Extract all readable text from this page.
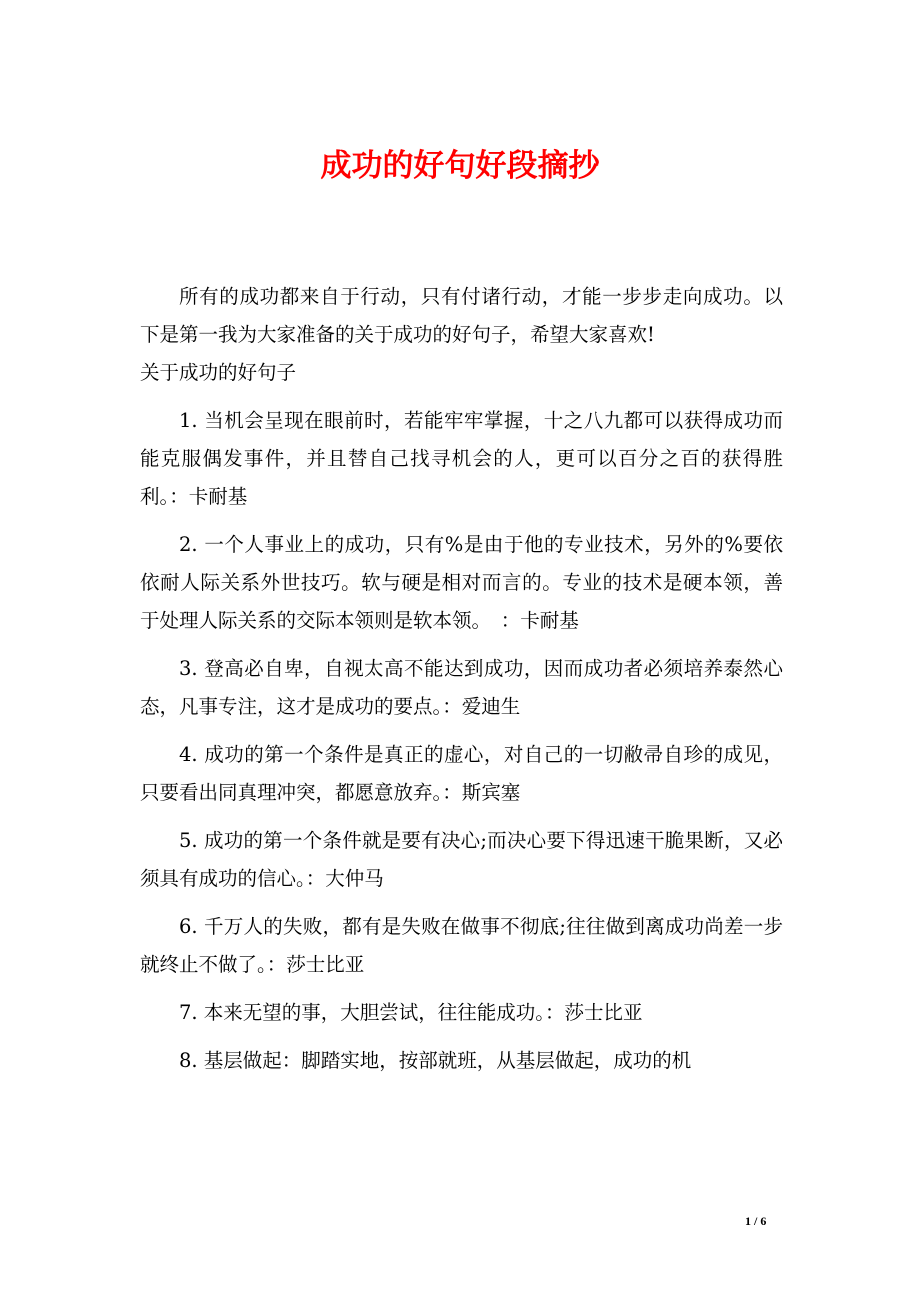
成功的好句好段摘抄

所有的成功都来自于行动，只有付诸行动，才能一步步走向成功。以下是第一我为大家准备的关于成功的好句子，希望大家喜欢!

关于成功的好句子

1. 当机会呈现在眼前时，若能牢牢掌握，十之八九都可以获得成功而能克服偶发事件，并且替自己找寻机会的人，更可以百分之百的获得胜利。：卡耐基

2. 一个人事业上的成功，只有%是由于他的专业技术，另外的%要依依耐人际关系外世技巧。软与硬是相对而言的。专业的技术是硬本领，善于处理人际关系的交际本领则是软本领。　：卡耐基

3. 登高必自卑，自视太高不能达到成功，因而成功者必须培养泰然心态，凡事专注，这才是成功的要点。：爱迪生

4. 成功的第一个条件是真正的虚心，对自己的一切敝帚自珍的成见，只要看出同真理冲突，都愿意放弃。：斯宾塞

5. 成功的第一个条件就是要有决心;而决心要下得迅速干脆果断，又必须具有成功的信心。：大仲马

6. 千万人的失败，都有是失败在做事不彻底;往往做到离成功尚差一步就终止不做了。：莎士比亚

7. 本来无望的事，大胆尝试，往往能成功。：莎士比亚

8. 基层做起：脚踏实地，按部就班，从基层做起，成功的机

1 / 6
